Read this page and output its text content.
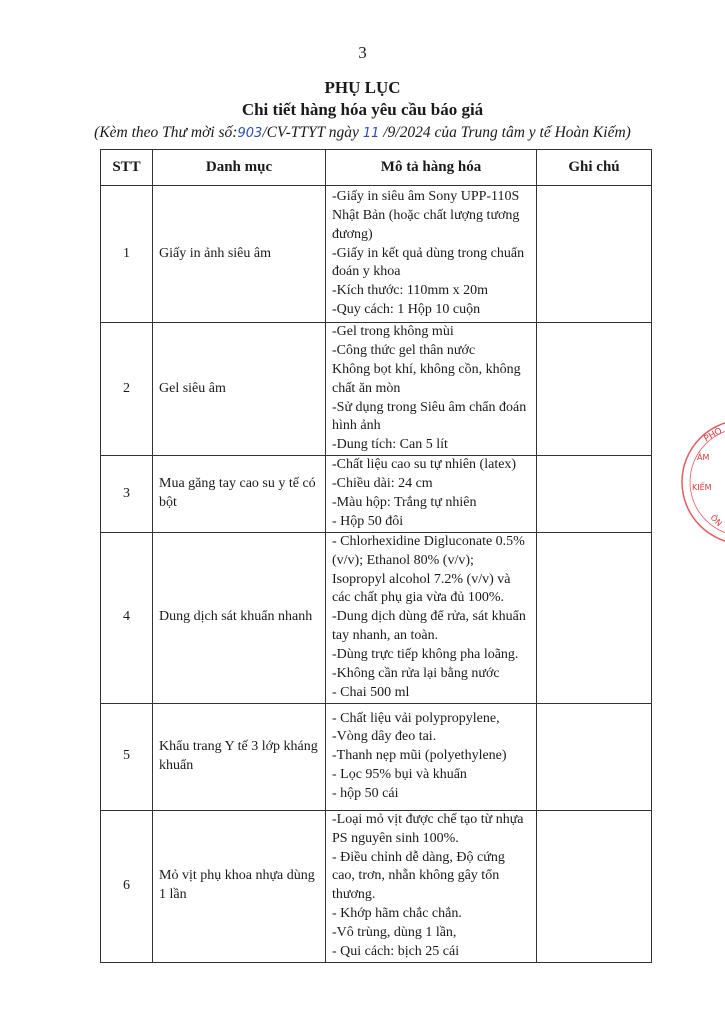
3
PHỤ LỤC
Chi tiết hàng hóa yêu cầu báo giá
(Kèm theo Thư mời số:903/CV-TTYT ngày 11 /9/2024 của Trung tâm y tế Hoàn Kiếm)
STT	Danh mục	Mô tả hàng hóa	Ghi chú
1	Giấy in ảnh siêu âm	-Giấy in siêu âm Sony UPP-110S Nhật Bản (hoặc chất lượng tương đương)
-Giấy in kết quả dùng trong chuẩn đoán y khoa
-Kích thước: 110mm x 20m
-Quy cách: 1 Hộp 10 cuộn	

2	Gel siêu âm	-Gel trong không mùi
-Công thức gel thân nước
Không bọt khí, không cồn, không chất ăn mòn
-Sử dụng trong Siêu âm chẩn đoán hình ảnh
-Dung tích: Can 5 lít	

3	Mua găng tay cao su y tế có bột	-Chất liệu cao su tự nhiên (latex)
-Chiều dài: 24 cm
-Màu hộp: Trắng tự nhiên
- Hộp 50 đôi	

4	Dung dịch sát khuẩn nhanh	- Chlorhexidine Digluconate 0.5% (v/v); Ethanol 80% (v/v); Isopropyl alcohol 7.2% (v/v) và các chất phụ gia vừa đủ 100%.
-Dung dịch dùng để rửa, sát khuẩn tay nhanh, an toàn.
-Dùng trực tiếp không pha loãng.
-Không cần rửa lại bằng nước
- Chai 500 ml	

5	Khẩu trang Y tế 3 lớp kháng khuẩn	- Chất liệu vải polypropylene,
-Vòng dây đeo tai.
-Thanh nẹp mũi (polyethylene)
- Lọc 95% bụi và khuẩn
- hộp 50 cái	

6	Mỏ vịt phụ khoa nhựa dùng 1 lần	-Loại mỏ vịt được chế tạo từ nhựa PS nguyên sinh 100%.
- Điều chỉnh dễ dàng, Độ cứng cao, trơn, nhẵn không gây tổn thương.
- Khớp hãm chắc chắn.
-Vô trùng, dùng 1 lần,
- Qui cách: bịch 25 cái	

PHÒ
ÂM
KIẾM
ÔN
